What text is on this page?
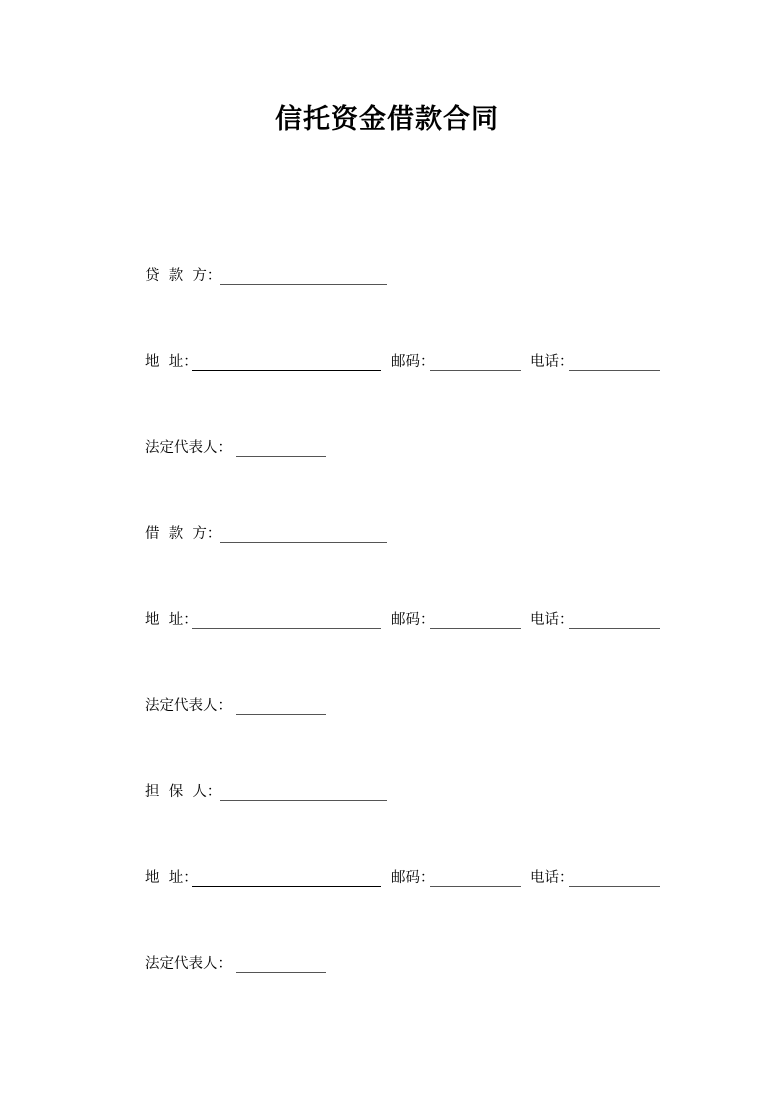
信托资金借款合同
贷  款  方：
地  址：	邮码：	电话：
法定代表人：
借  款  方：
地  址：	邮码：	电话：
法定代表人：
担  保  人：
地  址：	邮码：	电话：
法定代表人：
